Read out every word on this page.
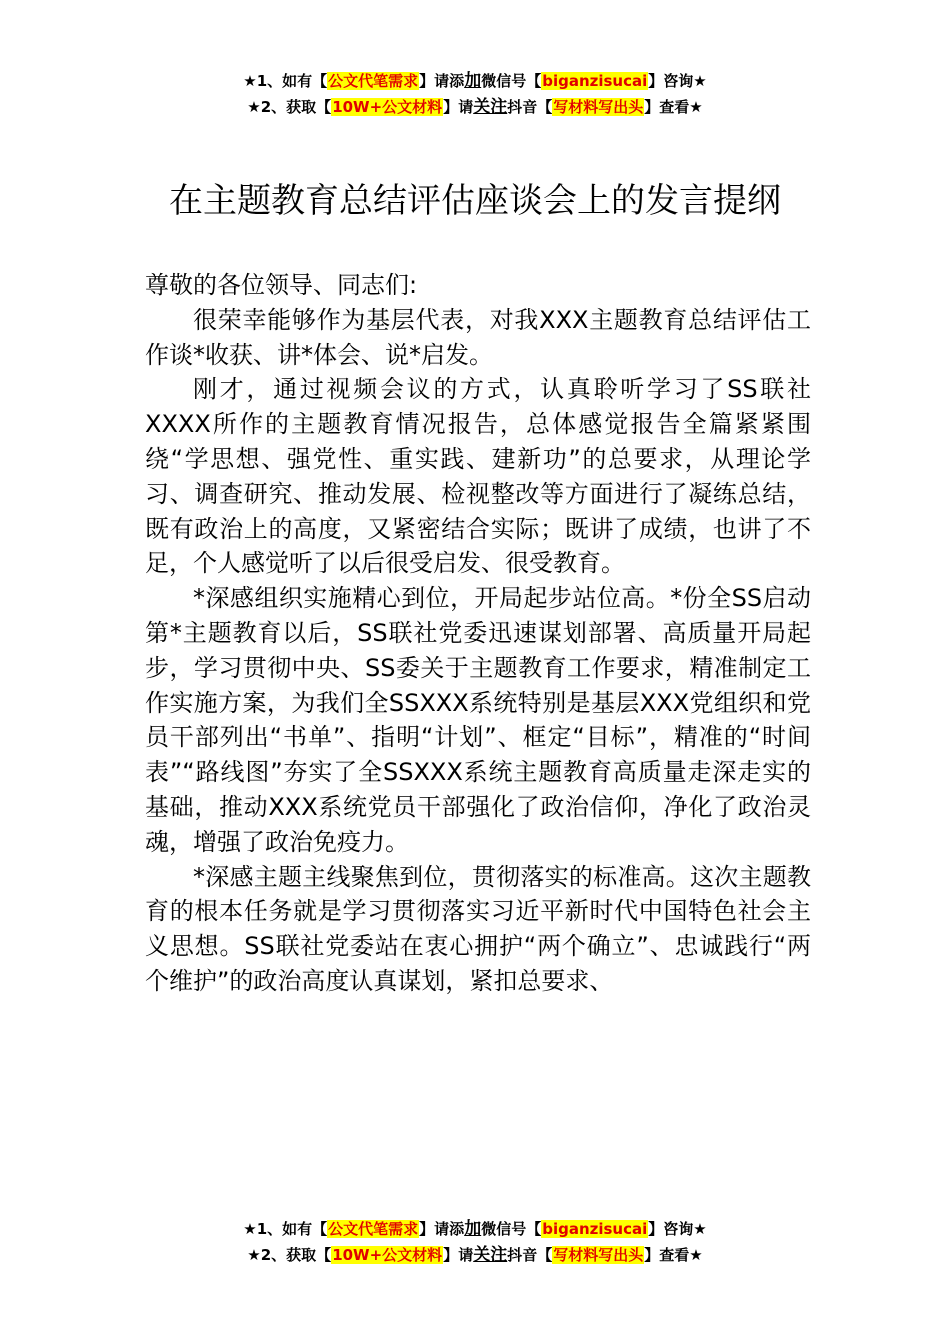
★1、如有【公文代笔需求】请添加微信号【biganzisucai】咨询★
★2、获取【10W+公文材料】请关注抖音【写材料写出头】查看★
在主题教育总结评估座谈会上的发言提纲

尊敬的各位领导、同志们:

很荣幸能够作为基层代表，对我XXX主题教育总结评估工作谈*收获、讲*体会、说*启发。

刚才，通过视频会议的方式，认真聆听学习了SS联社XXXX所作的主题教育情况报告，总体感觉报告全篇紧紧围绕“学思想、强党性、重实践、建新功”的总要求，从理论学习、调查研究、推动发展、检视整改等方面进行了凝练总结，既有政治上的高度，又紧密结合实际；既讲了成绩，也讲了不足，个人感觉听了以后很受启发、很受教育。

*深感组织实施精心到位，开局起步站位高。*份全SS启动第*主题教育以后，SS联社党委迅速谋划部署、高质量开局起步，学习贯彻中央、SS委关于主题教育工作要求，精准制定工作实施方案，为我们全SSXXX系统特别是基层XXX党组织和党员干部列出“书单”、指明“计划”、框定“目标”，精准的“时间表”“路线图”夯实了全SSXXX系统主题教育高质量走深走实的基础，推动XXX系统党员干部强化了政治信仰，净化了政治灵魂，增强了政治免疫力。

*深感主题主线聚焦到位，贯彻落实的标准高。这次主题教育的根本任务就是学习贯彻落实习近平新时代中国特色社会主义思想。SS联社党委站在衷心拥护“两个确立”、忠诚践行“两个维护”的政治高度认真谋划，紧扣总要求、

★1、如有【公文代笔需求】请添加微信号【biganzisucai】咨询★
★2、获取【10W+公文材料】请关注抖音【写材料写出头】查看★
